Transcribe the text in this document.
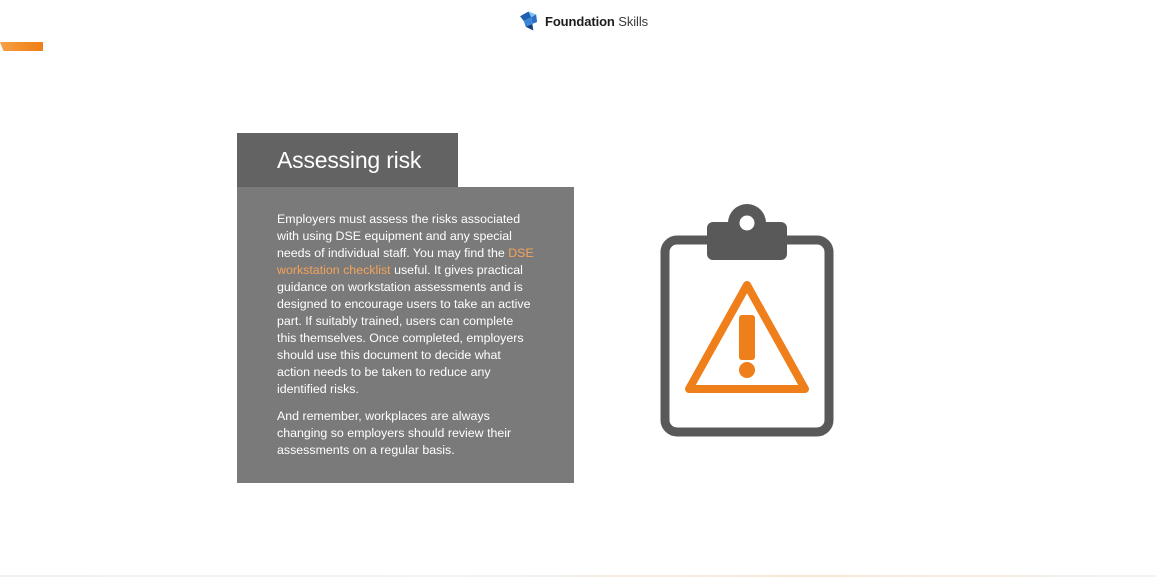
Foundation Skills
Assessing risk

Employers must assess the risks associated with using DSE equipment and any special needs of individual staff. You may find the DSE workstation checklist useful. It gives practical guidance on workstation assessments and is designed to encourage users to take an active part. If suitably trained, users can complete this themselves. Once completed, employers should use this document to decide what action needs to be taken to reduce any identified risks.

And remember, workplaces are always changing so employers should review their assessments on a regular basis.
